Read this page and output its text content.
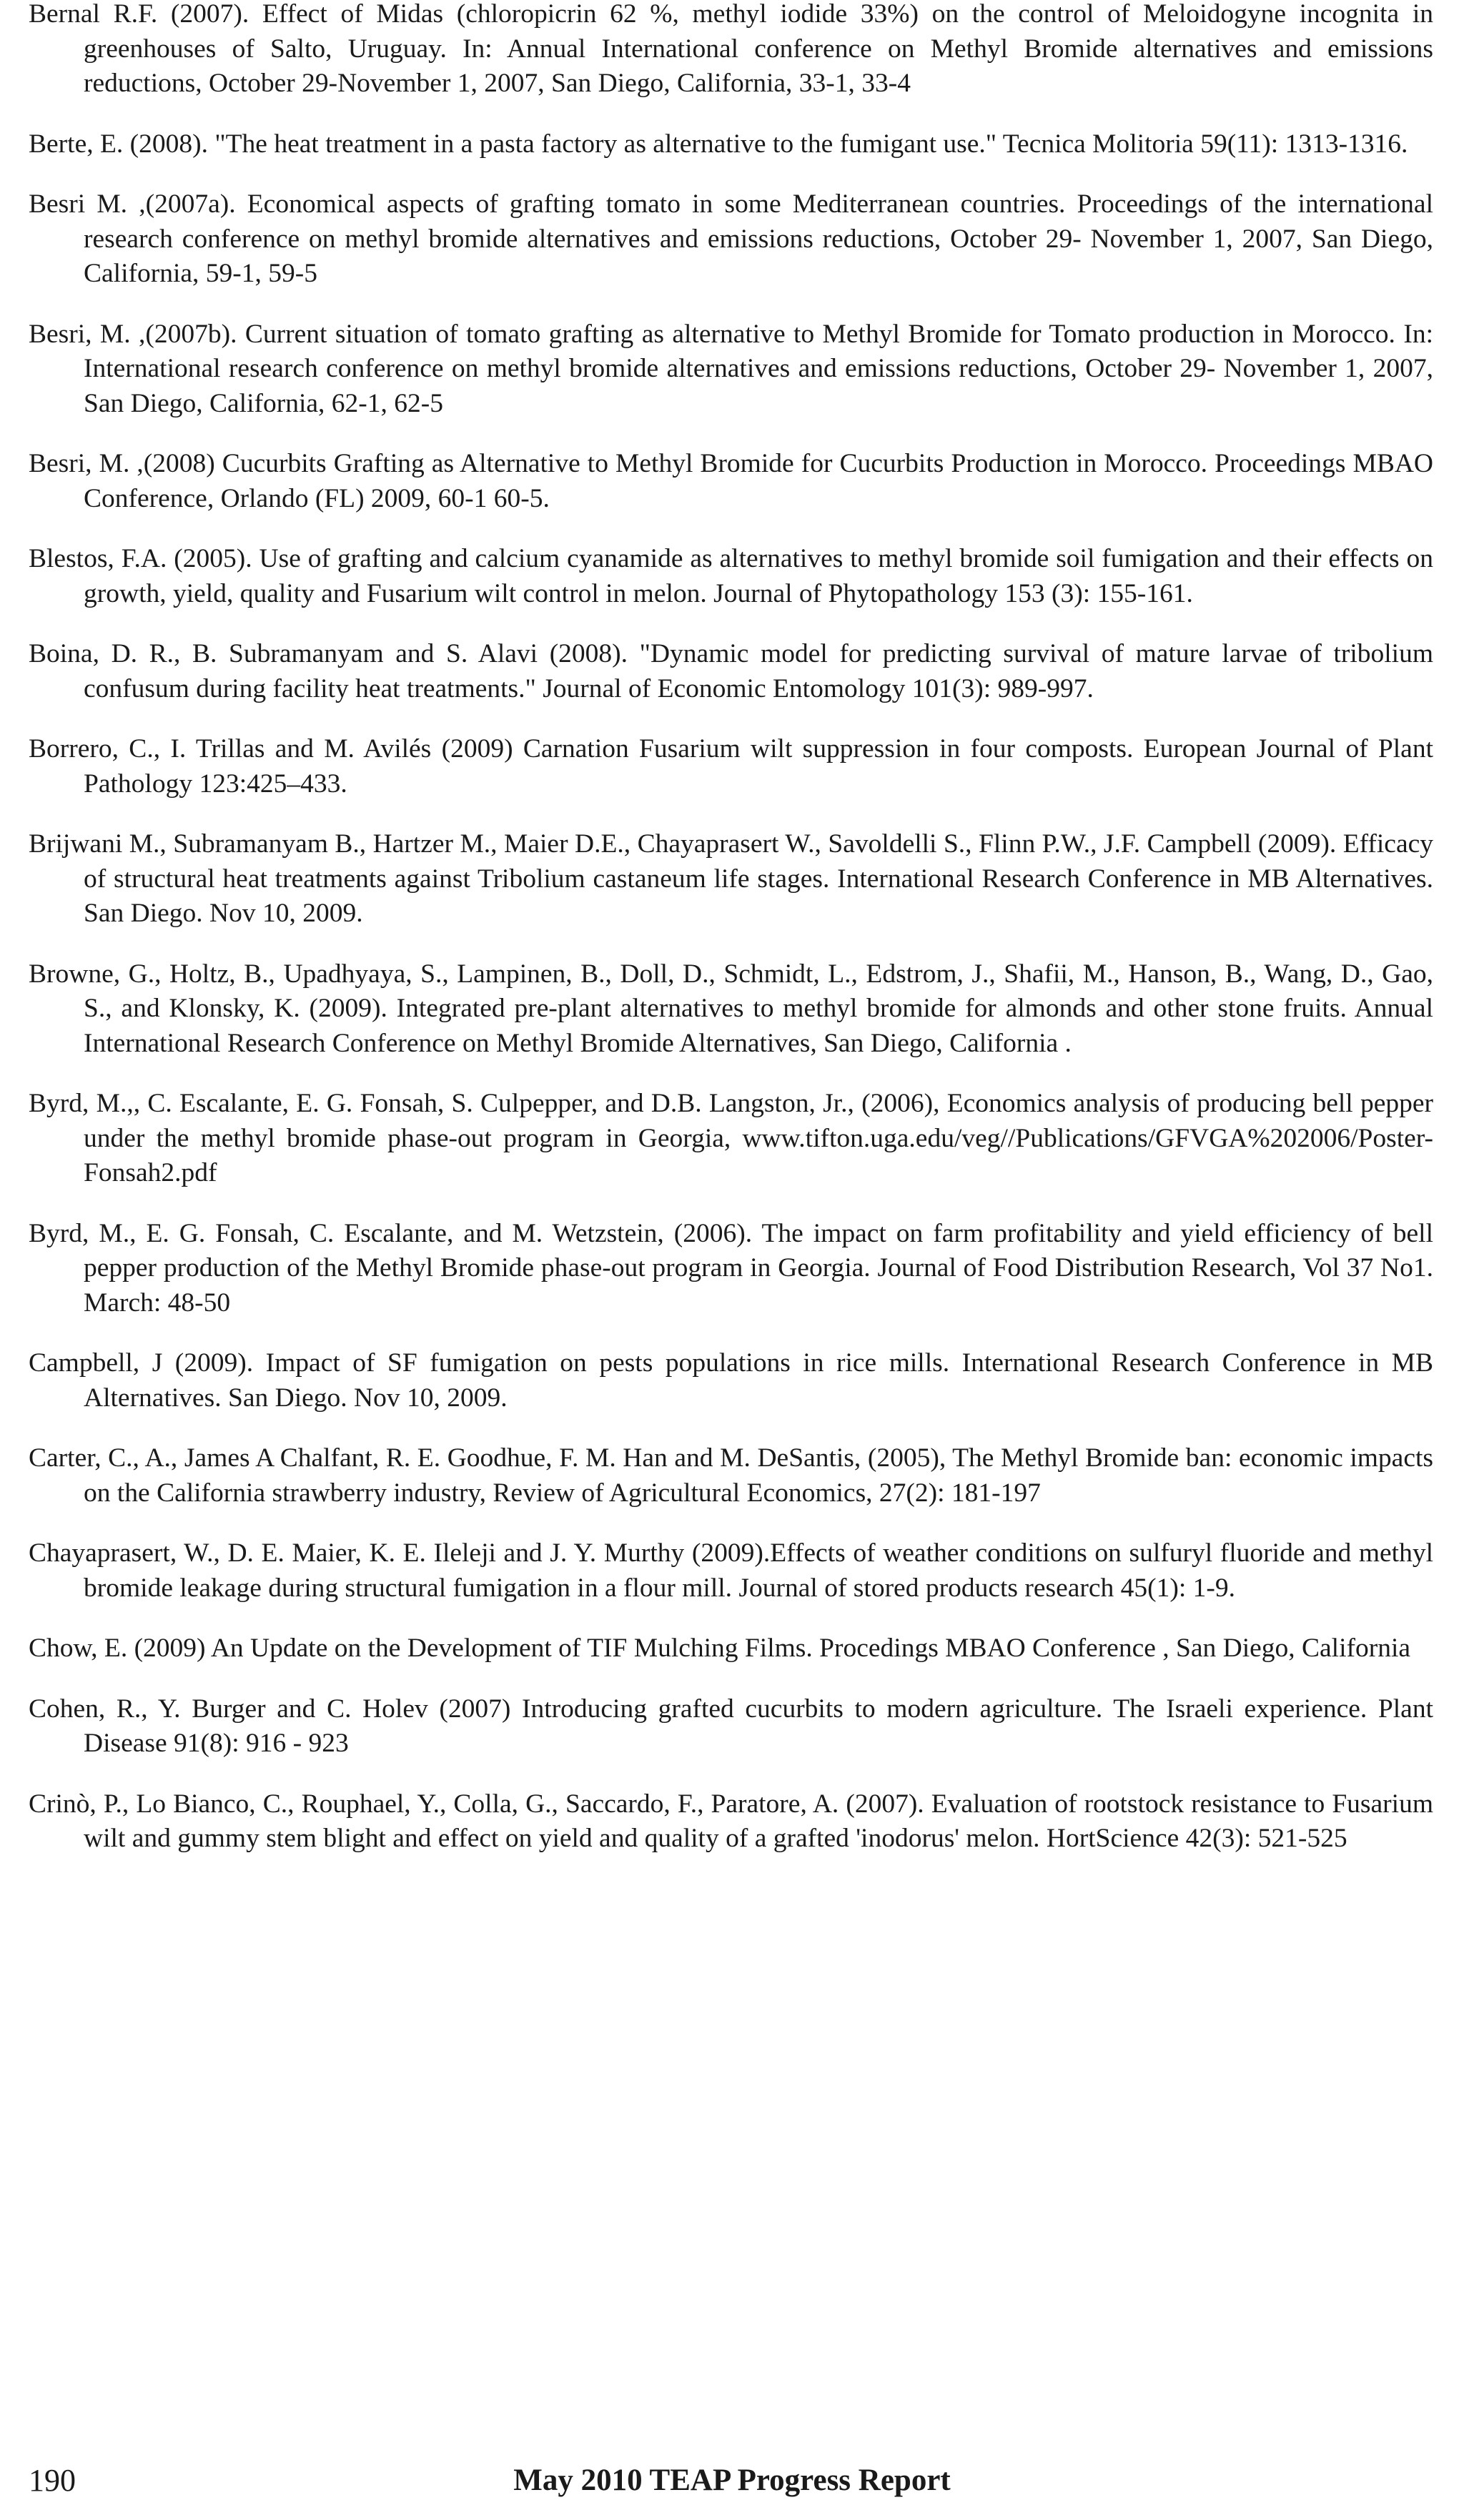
Bernal R.F. (2007). Effect of Midas (chloropicrin 62 %, methyl iodide 33%) on the control of Meloidogyne incognita in greenhouses of Salto, Uruguay. In: Annual International conference on Methyl Bromide alternatives and emissions reductions, October 29-November 1, 2007, San Diego, California, 33-1, 33-4
Berte, E. (2008). "The heat treatment in a pasta factory as alternative to the fumigant use." Tecnica Molitoria 59(11): 1313-1316.
Besri M. ,(2007a). Economical aspects of grafting tomato in some Mediterranean countries. Proceedings of the international research conference on methyl bromide alternatives and emissions reductions, October 29- November 1, 2007, San Diego, California, 59-1, 59-5
Besri, M. ,(2007b). Current situation of tomato grafting as alternative to Methyl Bromide for Tomato production in Morocco. In: International research conference on methyl bromide alternatives and emissions reductions, October 29- November 1, 2007, San Diego, California, 62-1, 62-5
Besri, M. ,(2008) Cucurbits Grafting as Alternative to Methyl Bromide for Cucurbits Production in Morocco. Proceedings MBAO Conference, Orlando (FL) 2009, 60-1 60-5.
Blestos, F.A. (2005). Use of grafting and calcium cyanamide as alternatives to methyl bromide soil fumigation and their effects on growth, yield, quality and Fusarium wilt control in melon. Journal of Phytopathology 153 (3): 155-161.
Boina, D. R., B. Subramanyam and S. Alavi (2008). "Dynamic model for predicting survival of mature larvae of tribolium confusum during facility heat treatments." Journal of Economic Entomology 101(3): 989-997.
Borrero, C., I. Trillas and M. Avilés (2009) Carnation Fusarium wilt suppression in four composts. European Journal of Plant Pathology 123:425–433.
Brijwani M., Subramanyam B., Hartzer M., Maier D.E., Chayaprasert W., Savoldelli S., Flinn P.W., J.F. Campbell (2009). Efficacy of structural heat treatments against Tribolium castaneum life stages. International Research Conference in MB Alternatives. San Diego. Nov 10, 2009.
Browne, G., Holtz, B., Upadhyaya, S., Lampinen, B., Doll, D., Schmidt, L., Edstrom, J., Shafii, M., Hanson, B., Wang, D., Gao, S., and Klonsky, K. (2009). Integrated pre-plant alternatives to methyl bromide for almonds and other stone fruits. Annual International Research Conference on Methyl Bromide Alternatives, San Diego, California .
Byrd, M.,, C. Escalante, E. G. Fonsah, S. Culpepper, and D.B. Langston, Jr., (2006), Economics analysis of producing bell pepper under the methyl bromide phase-out program in Georgia, www.tifton.uga.edu/veg//Publications/GFVGA%202006/Poster-Fonsah2.pdf
Byrd, M., E. G. Fonsah, C. Escalante, and M. Wetzstein, (2006). The impact on farm profitability and yield efficiency of bell pepper production of the Methyl Bromide phase-out program in Georgia. Journal of Food Distribution Research, Vol 37 No1. March: 48-50
Campbell, J (2009). Impact of SF fumigation on pests populations in rice mills. International Research Conference in MB Alternatives. San Diego. Nov 10, 2009.
Carter, C., A., James A Chalfant, R. E. Goodhue, F. M. Han and M. DeSantis, (2005), The Methyl Bromide ban: economic impacts on the California strawberry industry, Review of Agricultural Economics, 27(2): 181-197
Chayaprasert, W., D. E. Maier, K. E. Ileleji and J. Y. Murthy (2009).Effects of weather conditions on sulfuryl fluoride and methyl bromide leakage during structural fumigation in a flour mill. Journal of stored products research 45(1): 1-9.
Chow, E. (2009) An Update on the Development of TIF Mulching Films. Procedings MBAO Conference , San Diego, California
Cohen, R., Y. Burger and C. Holev (2007) Introducing grafted cucurbits to modern agriculture. The Israeli experience. Plant Disease 91(8): 916 - 923
Crinò, P., Lo Bianco, C., Rouphael, Y., Colla, G., Saccardo, F., Paratore, A. (2007). Evaluation of rootstock resistance to Fusarium wilt and gummy stem blight and effect on yield and quality of a grafted 'inodorus' melon. HortScience 42(3): 521-525
190	May 2010 TEAP Progress Report
